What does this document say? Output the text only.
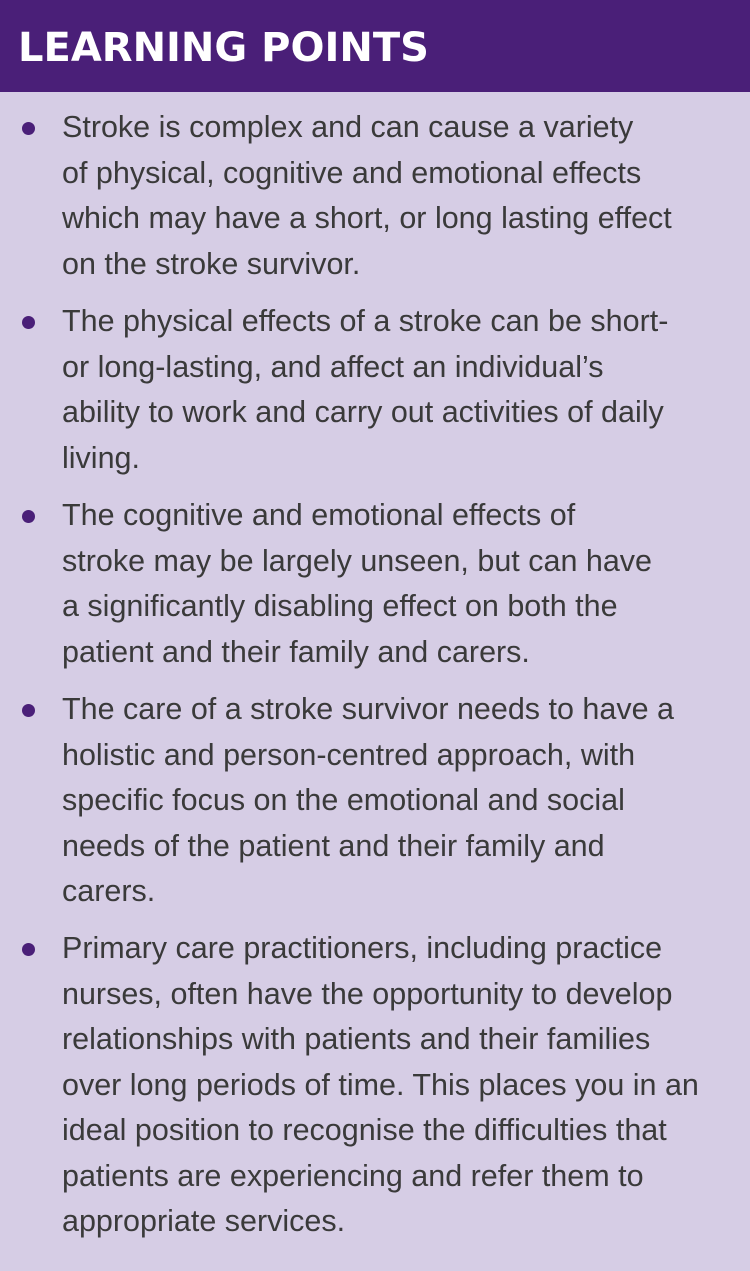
LEARNING POINTS
Stroke is complex and can cause a variety
of physical, cognitive and emotional effects
which may have a short, or long lasting effect
on the stroke survivor.
The physical effects of a stroke can be short-
or long-lasting, and affect an individual’s
ability to work and carry out activities of daily
living.
The cognitive and emotional effects of
stroke may be largely unseen, but can have
a significantly disabling effect on both the
patient and their family and carers.
The care of a stroke survivor needs to have a
holistic and person-centred approach, with
specific focus on the emotional and social
needs of the patient and their family and
carers.
Primary care practitioners, including practice
nurses, often have the opportunity to develop
relationships with patients and their families
over long periods of time. This places you in an
ideal position to recognise the difficulties that
patients are experiencing and refer them to
appropriate services.
